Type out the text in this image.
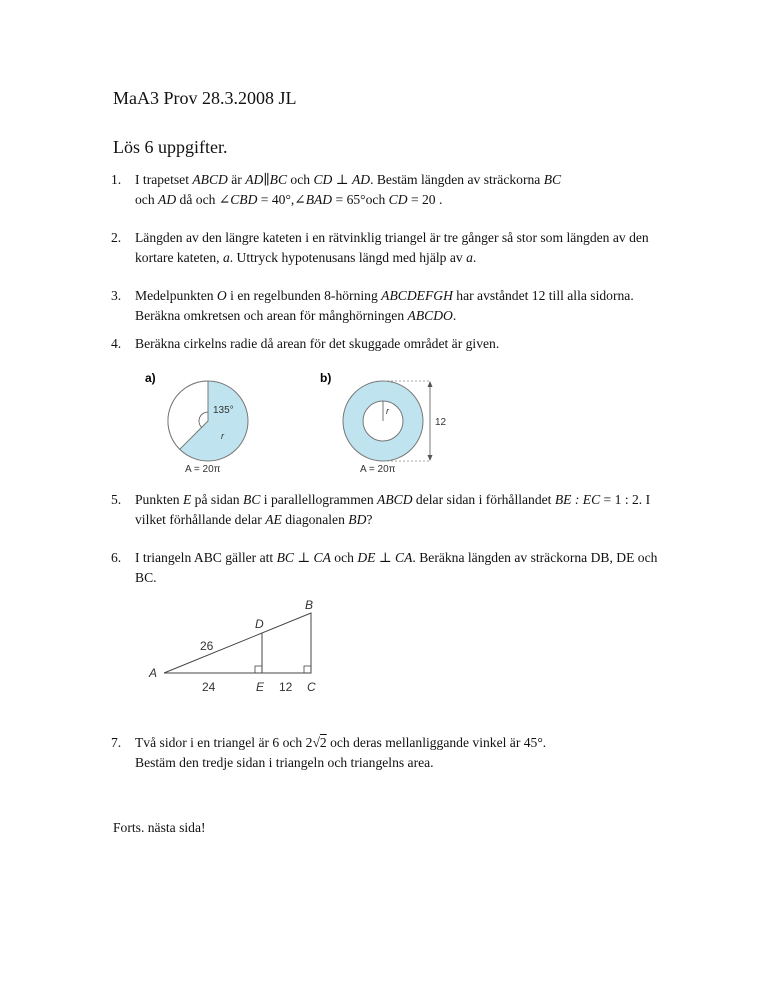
MaA3 Prov 28.3.2008 JL
Lös 6 uppgifter.
1. I trapetset ABCD är AD∥BC och CD ⊥ AD. Bestäm längden av sträckorna BC

och AD då och ∠CBD = 40°,∠BAD = 65°och CD = 20 .

2. Längden av den längre kateten i en rätvinklig triangel är tre gånger så stor som längden av den kortare kateten, a. Uttryck hypotenusans längd med hjälp av a.

3. Medelpunkten O i en regelbunden 8-hörning ABCDEFGH har avståndet 12 till alla sidorna. Beräkna omkretsen och arean för månghörningen ABCDO.

4. Beräkna cirkelns radie då arean för det skuggade området är given.

a)
135°
r
A = 20π
b)
r
12
A = 20π
5. Punkten E på sidan BC i parallellogrammen ABCD delar sidan i förhållandet BE : EC = 1 : 2. I vilket förhållande delar AE diagonalen BD?

6. I triangeln ABC gäller att BC ⊥ CA och DE ⊥ CA. Beräkna längden av sträckorna DB, DE och BC.

A
B
C
D
E
26
24	12
7. Två sidor i en triangel är 6 och 2√2 och deras mellanliggande vinkel är 45°.

Bestäm den tredje sidan i triangeln och triangelns area.

Forts. nästa sida!
